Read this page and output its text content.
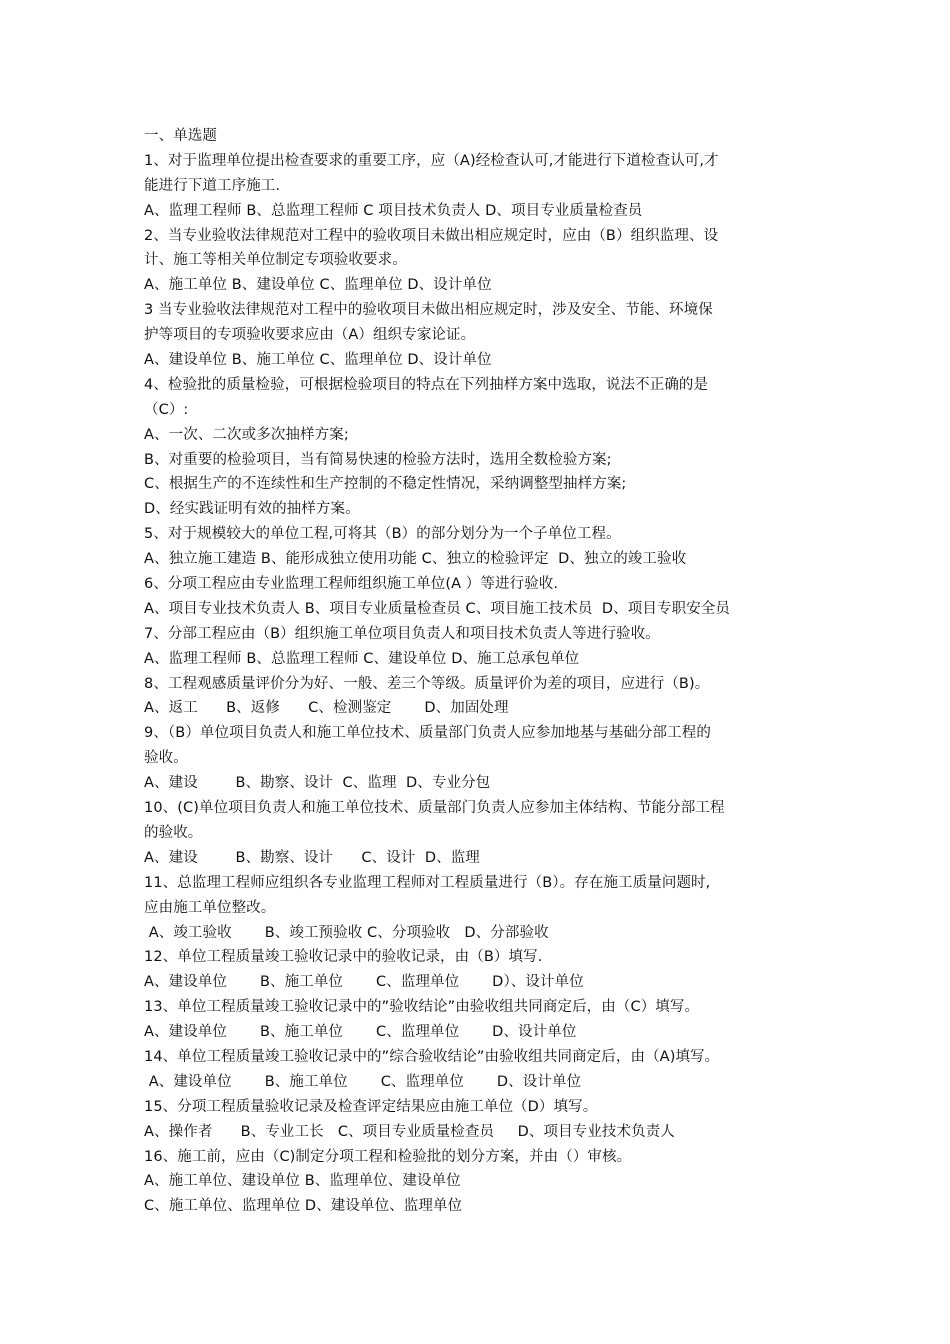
一、单选题
1、对于监理单位提出检查要求的重要工序，应（A)经检查认可,才能进行下道检查认可,才
能进行下道工序施工.
A、监理工程师 B、总监理工程师 C 项目技术负责人 D、项目专业质量检查员
2、当专业验收法律规范对工程中的验收项目未做出相应规定时，应由（B）组织监理、设
计、施工等相关单位制定专项验收要求。
A、施工单位 B、建设单位 C、监理单位 D、设计单位
3 当专业验收法律规范对工程中的验收项目未做出相应规定时，涉及安全、节能、环境保
护等项目的专项验收要求应由（A）组织专家论证。
A、建设单位 B、施工单位 C、监理单位 D、设计单位
4、检验批的质量检验，可根据检验项目的特点在下列抽样方案中选取，说法不正确的是
（C）:
A、一次、二次或多次抽样方案;
B、对重要的检验项目，当有简易快速的检验方法时，选用全数检验方案;
C、根据生产的不连续性和生产控制的不稳定性情况，采纳调整型抽样方案;
D、经实践证明有效的抽样方案。
5、对于规模较大的单位工程,可将其（B）的部分划分为一个子单位工程。
A、独立施工建造 B、能形成独立使用功能 C、独立的检验评定  D、独立的竣工验收
6、分项工程应由专业监理工程师组织施工单位(A ）等进行验收.
A、项目专业技术负责人 B、项目专业质量检查员 C、项目施工技术员  D、项目专职安全员
7、分部工程应由（B）组织施工单位项目负责人和项目技术负责人等进行验收。
A、监理工程师 B、总监理工程师 C、建设单位 D、施工总承包单位
8、工程观感质量评价分为好、一般、差三个等级。质量评价为差的项目，应进行（B)。
A、返工      B、返修      C、检测鉴定       D、加固处理
9、（B）单位项目负责人和施工单位技术、质量部门负责人应参加地基与基础分部工程的
验收。
A、建设        B、勘察、设计  C、监理  D、专业分包
10、(C)单位项目负责人和施工单位技术、质量部门负责人应参加主体结构、节能分部工程
的验收。
A、建设        B、勘察、设计      C、设计  D、监理
11、总监理工程师应组织各专业监理工程师对工程质量进行（B）。存在施工质量问题时,
应由施工单位整改。
A、竣工验收       B、竣工预验收 C、分项验收   D、分部验收
12、单位工程质量竣工验收记录中的验收记录，由（B）填写.
A、建设单位       B、施工单位       C、监理单位       D）、设计单位
13、单位工程质量竣工验收记录中的”验收结论”由验收组共同商定后，由（C）填写。
A、建设单位       B、施工单位       C、监理单位       D、设计单位
14、单位工程质量竣工验收记录中的”综合验收结论”由验收组共同商定后，由（A)填写。
A、建设单位       B、施工单位       C、监理单位       D、设计单位
15、分项工程质量验收记录及检查评定结果应由施工单位（D）填写。
A、操作者      B、专业工长   C、项目专业质量检查员     D、项目专业技术负责人
16、施工前，应由（C)制定分项工程和检验批的划分方案，并由（）审核。
A、施工单位、建设单位 B、监理单位、建设单位
C、施工单位、监理单位 D、建设单位、监理单位
